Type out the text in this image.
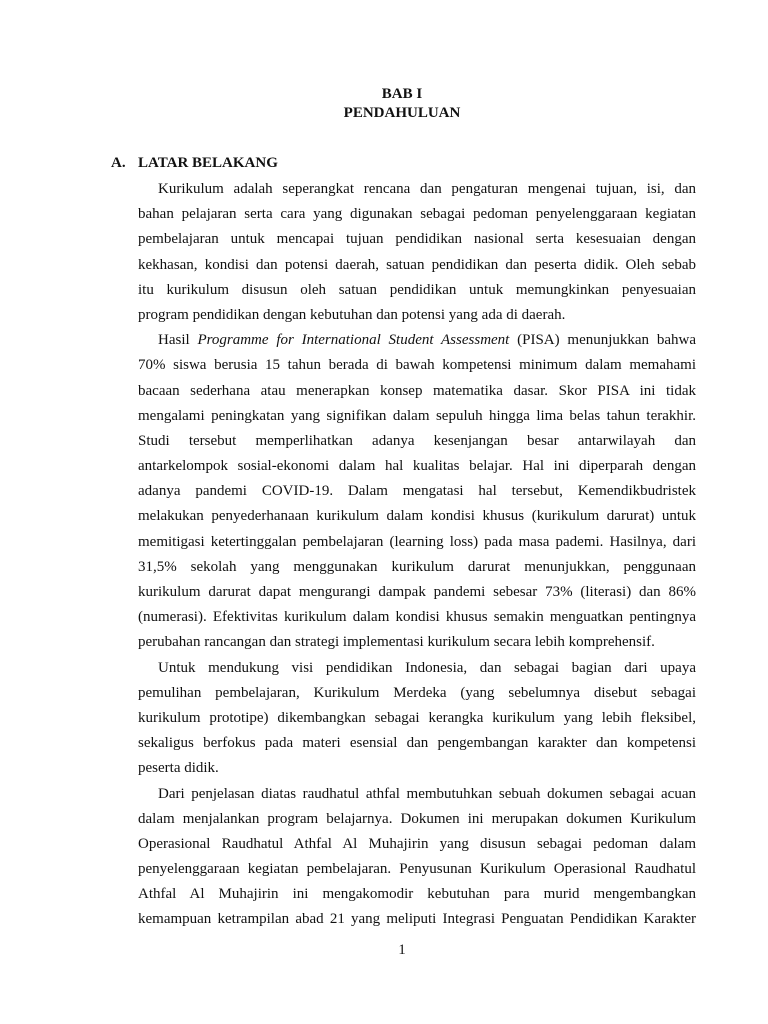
BAB I
PENDAHULUAN
A. LATAR BELAKANG
Kurikulum adalah seperangkat rencana dan pengaturan mengenai tujuan, isi, dan
bahan pelajaran serta cara yang digunakan sebagai pedoman penyelenggaraan kegiatan
pembelajaran untuk mencapai tujuan pendidikan nasional serta kesesuaian dengan
kekhasan, kondisi dan potensi daerah, satuan pendidikan dan peserta didik. Oleh sebab
itu kurikulum disusun oleh satuan pendidikan untuk memungkinkan penyesuaian
program pendidikan dengan kebutuhan dan potensi yang ada di daerah.
Hasil Programme for International Student Assessment (PISA) menunjukkan bahwa
70% siswa berusia 15 tahun berada di bawah kompetensi minimum dalam memahami
bacaan sederhana atau menerapkan konsep matematika dasar. Skor PISA ini tidak
mengalami peningkatan yang signifikan dalam sepuluh hingga lima belas tahun terakhir.
Studi tersebut memperlihatkan adanya kesenjangan besar antarwilayah dan
antarkelompok sosial-ekonomi dalam hal kualitas belajar. Hal ini diperparah dengan
adanya pandemi COVID-19. Dalam mengatasi hal tersebut, Kemendikbudristek
melakukan penyederhanaan kurikulum dalam kondisi khusus (kurikulum darurat) untuk
memitigasi ketertinggalan pembelajaran (learning loss) pada masa pademi. Hasilnya, dari
31,5% sekolah yang menggunakan kurikulum darurat menunjukkan, penggunaan
kurikulum darurat dapat mengurangi dampak pandemi sebesar 73% (literasi) dan 86%
(numerasi). Efektivitas kurikulum dalam kondisi khusus semakin menguatkan pentingnya
perubahan rancangan dan strategi implementasi kurikulum secara lebih komprehensif.
Untuk mendukung visi pendidikan Indonesia, dan sebagai bagian dari upaya
pemulihan pembelajaran, Kurikulum Merdeka (yang sebelumnya disebut sebagai
kurikulum prototipe) dikembangkan sebagai kerangka kurikulum yang lebih fleksibel,
sekaligus berfokus pada materi esensial dan pengembangan karakter dan kompetensi
peserta didik.
Dari penjelasan diatas raudhatul athfal membutuhkan sebuah dokumen sebagai acuan
dalam menjalankan program belajarnya. Dokumen ini merupakan dokumen Kurikulum
Operasional Raudhatul Athfal Al Muhajirin yang disusun sebagai pedoman dalam
penyelenggaraan kegiatan pembelajaran. Penyusunan Kurikulum Operasional Raudhatul
Athfal Al Muhajirin ini mengakomodir kebutuhan para murid mengembangkan
kemampuan ketrampilan abad 21 yang meliputi Integrasi Penguatan Pendidikan Karakter
1
